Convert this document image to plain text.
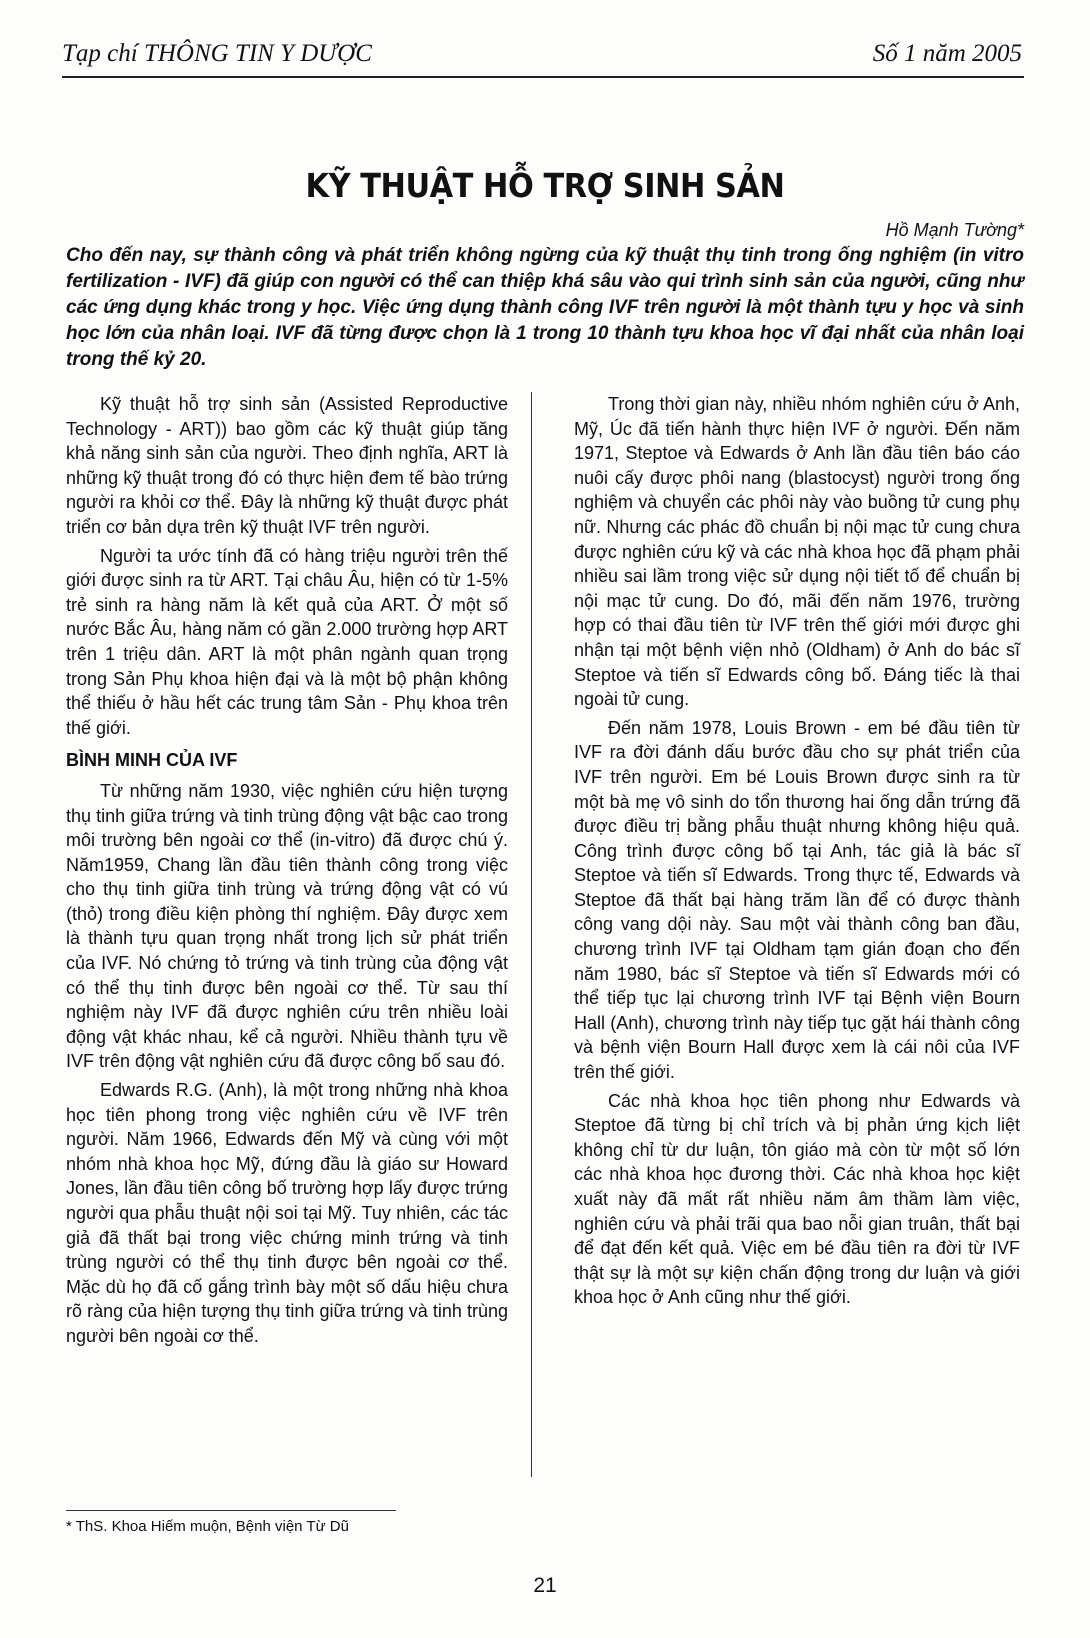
Tạp chí THÔNG TIN Y DƯỢC	Số 1 năm 2005
KỸ THUẬT HỖ TRỢ SINH SẢN
Hồ Mạnh Tường*
Cho đến nay, sự thành công và phát triển không ngừng của kỹ thuật thụ tinh trong ống nghiệm (in vitro fertilization - IVF) đã giúp con người có thể can thiệp khá sâu vào qui trình sinh sản của người, cũng như các ứng dụng khác trong y học. Việc ứng dụng thành công IVF trên người là một thành tựu y học và sinh học lớn của nhân loại. IVF đã từng được chọn là 1 trong 10 thành tựu khoa học vĩ đại nhất của nhân loại trong thế kỷ 20.

Kỹ thuật hỗ trợ sinh sản (Assisted Reproductive Technology - ART)) bao gồm các kỹ thuật giúp tăng khả năng sinh sản của người. Theo định nghĩa, ART là những kỹ thuật trong đó có thực hiện đem tế bào trứng người ra khỏi cơ thể. Đây là những kỹ thuật được phát triển cơ bản dựa trên kỹ thuật IVF trên người.

Người ta ước tính đã có hàng triệu người trên thế giới được sinh ra từ ART. Tại châu Âu, hiện có từ 1-5% trẻ sinh ra hàng năm là kết quả của ART. Ở một số nước Bắc Âu, hàng năm có gần 2.000 trường hợp ART trên 1 triệu dân. ART là một phân ngành quan trọng trong Sản Phụ khoa hiện đại và là một bộ phận không thể thiếu ở hầu hết các trung tâm Sản - Phụ khoa trên thế giới.

BÌNH MINH CỦA IVF

Từ những năm 1930, việc nghiên cứu hiện tượng thụ tinh giữa trứng và tinh trùng động vật bậc cao trong môi trường bên ngoài cơ thể (in-vitro) đã được chú ý. Năm1959, Chang lần đầu tiên thành công trong việc cho thụ tinh giữa tinh trùng và trứng động vật có vú (thỏ) trong điều kiện phòng thí nghiệm. Đây được xem là thành tựu quan trọng nhất trong lịch sử phát triển của IVF. Nó chứng tỏ trứng và tinh trùng của động vật có thể thụ tinh được bên ngoài cơ thể. Từ sau thí nghiệm này IVF đã được nghiên cứu trên nhiều loài động vật khác nhau, kể cả người. Nhiều thành tựu về IVF trên động vật nghiên cứu đã được công bố sau đó.

Edwards R.G. (Anh), là một trong những nhà khoa học tiên phong trong việc nghiên cứu về IVF trên người. Năm 1966, Edwards đến Mỹ và cùng với một nhóm nhà khoa học Mỹ, đứng đầu là giáo sư Howard Jones, lần đầu tiên công bố trường hợp lấy được trứng người qua phẫu thuật nội soi tại Mỹ. Tuy nhiên, các tác giả đã thất bại trong việc chứng minh trứng và tinh trùng người có thể thụ tinh được bên ngoài cơ thể. Mặc dù họ đã cố gắng trình bày một số dấu hiệu chưa rõ ràng của hiện tượng thụ tinh giữa trứng và tinh trùng người bên ngoài cơ thể.

Trong thời gian này, nhiều nhóm nghiên cứu ở Anh, Mỹ, Úc đã tiến hành thực hiện IVF ở người. Đến năm 1971, Steptoe và Edwards ở Anh lần đầu tiên báo cáo nuôi cấy được phôi nang (blastocyst) người trong ống nghiệm và chuyển các phôi này vào buồng tử cung phụ nữ. Nhưng các phác đồ chuẩn bị nội mạc tử cung chưa được nghiên cứu kỹ và các nhà khoa học đã phạm phải nhiều sai lầm trong việc sử dụng nội tiết tố để chuẩn bị nội mạc tử cung. Do đó, mãi đến năm 1976, trường hợp có thai đầu tiên từ IVF trên thế giới mới được ghi nhận tại một bệnh viện nhỏ (Oldham) ở Anh do bác sĩ Steptoe và tiến sĩ Edwards công bố. Đáng tiếc là thai ngoài tử cung.

Đến năm 1978, Louis Brown - em bé đầu tiên từ IVF ra đời đánh dấu bước đầu cho sự phát triển của IVF trên người. Em bé Louis Brown được sinh ra từ một bà mẹ vô sinh do tổn thương hai ống dẫn trứng đã được điều trị bằng phẫu thuật nhưng không hiệu quả. Công trình được công bố tại Anh, tác giả là bác sĩ Steptoe và tiến sĩ Edwards. Trong thực tế, Edwards và Steptoe đã thất bại hàng trăm lần để có được thành công vang dội này. Sau một vài thành công ban đầu, chương trình IVF tại Oldham tạm gián đoạn cho đến năm 1980, bác sĩ Steptoe và tiến sĩ Edwards mới có thể tiếp tục lại chương trình IVF tại Bệnh viện Bourn Hall (Anh), chương trình này tiếp tục gặt hái thành công và bệnh viện Bourn Hall được xem là cái nôi của IVF trên thế giới.

Các nhà khoa học tiên phong như Edwards và Steptoe đã từng bị chỉ trích và bị phản ứng kịch liệt không chỉ từ dư luận, tôn giáo mà còn từ một số lớn các nhà khoa học đương thời. Các nhà khoa học kiệt xuất này đã mất rất nhiều năm âm thầm làm việc, nghiên cứu và phải trãi qua bao nỗi gian truân, thất bại để đạt đến kết quả. Việc em bé đầu tiên ra đời từ IVF thật sự là một sự kiện chấn động trong dư luận và giới khoa học ở Anh cũng như thế giới.

* ThS. Khoa Hiếm muộn, Bệnh viện Từ Dũ
21
